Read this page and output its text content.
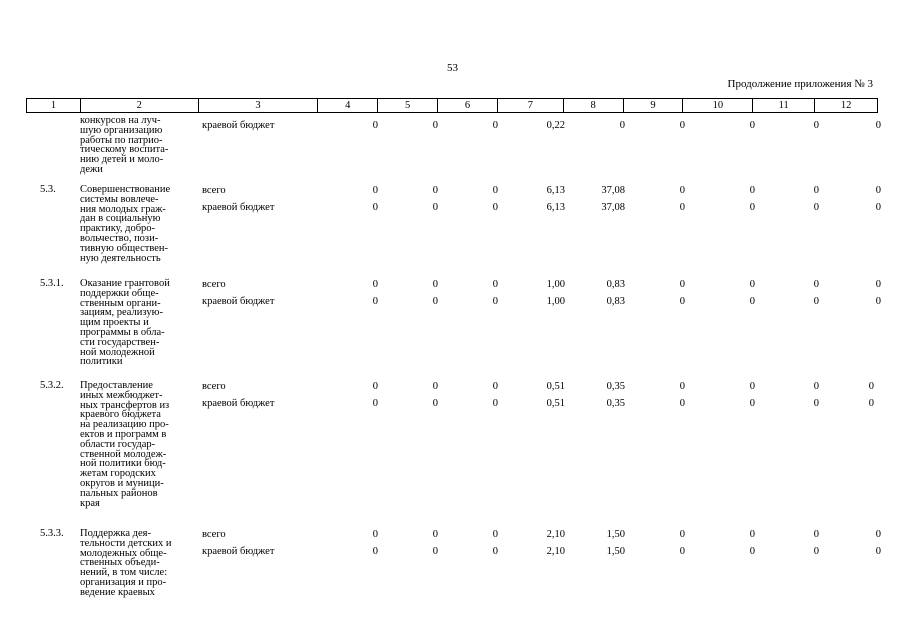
53
Продолжение приложения № 3
1	2	3	4	5	6	7	8	9	10	11	12
конкурсов на луч-
шую организацию
работы по патрио-
тическому воспита-
нию детей и моло-
дежи
краевой бюджет	0	0	0	0,22	0	0	0	0	0
5.3. Совершенствование
системы вовлече-
ния молодых граж-
дан в социальную
практику, добро-
вольчество, пози-
тивную обществен-
ную деятельность
всего	0	0	0	6,13	37,08	0	0	0	0
краевой бюджет	0	0	0	6,13	37,08	0	0	0	0
5.3.1. Оказание грантовой
поддержки обще-
ственным органи-
зациям, реализую-
щим проекты и
программы в обла-
сти государствен-
ной молодежной
политики
всего	0	0	0	1,00	0,83	0	0	0	0
краевой бюджет	0	0	0	1,00	0,83	0	0	0	0
5.3.2. Предоставление
иных межбюджет-
ных трансфертов из
краевого бюджета
на реализацию про-
ектов и программ в
области государ-
ственной молодеж-
ной политики бюд-
жетам городских
округов и муници-
пальных районов
края
всего	0	0	0	0,51	0,35	0	0	0	0
краевой бюджет	0	0	0	0,51	0,35	0	0	0	0
5.3.3. Поддержка дея-
тельности детских и
молодежных обще-
ственных объеди-
нений, в том числе:
организация и про-
ведение краевых
всего	0	0	0	2,10	1,50	0	0	0	0
краевой бюджет	0	0	0	2,10	1,50	0	0	0	0
